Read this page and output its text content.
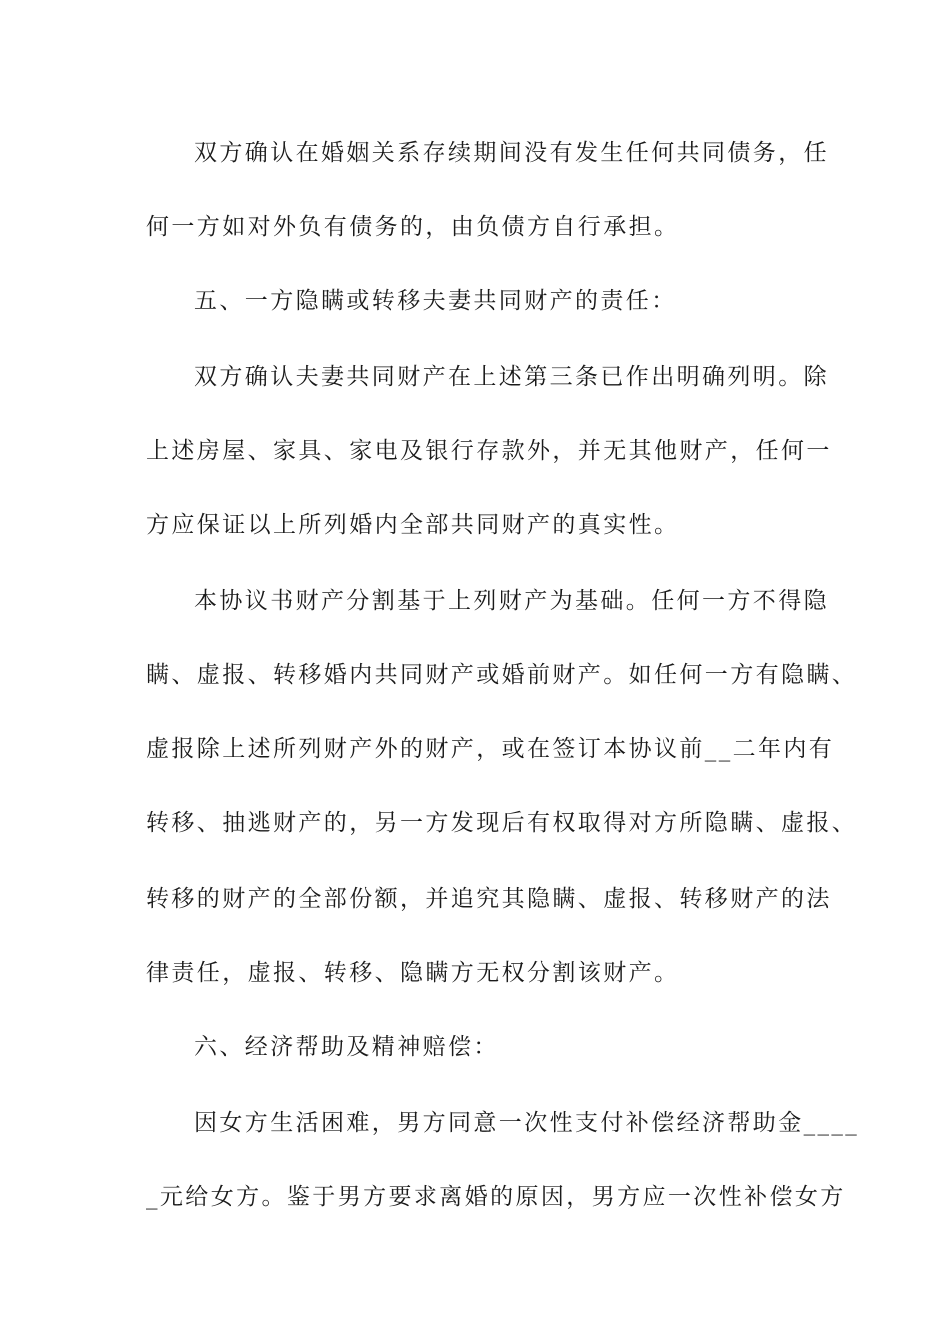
双方确认在婚姻关系存续期间没有发生任何共同债务，任
何一方如对外负有债务的，由负债方自行承担。
五、一方隐瞒或转移夫妻共同财产的责任：
双方确认夫妻共同财产在上述第三条已作出明确列明。除
上述房屋、家具、家电及银行存款外，并无其他财产，任何一
方应保证以上所列婚内全部共同财产的真实性。
本协议书财产分割基于上列财产为基础。任何一方不得隐
瞒、虚报、转移婚内共同财产或婚前财产。如任何一方有隐瞒、
虚报除上述所列财产外的财产，或在签订本协议前__二年内有
转移、抽逃财产的，另一方发现后有权取得对方所隐瞒、虚报、
转移的财产的全部份额，并追究其隐瞒、虚报、转移财产的法
律责任，虚报、转移、隐瞒方无权分割该财产。
六、经济帮助及精神赔偿：
因女方生活困难，男方同意一次性支付补偿经济帮助金____
_元给女方。鉴于男方要求离婚的原因，男方应一次性补偿女方
